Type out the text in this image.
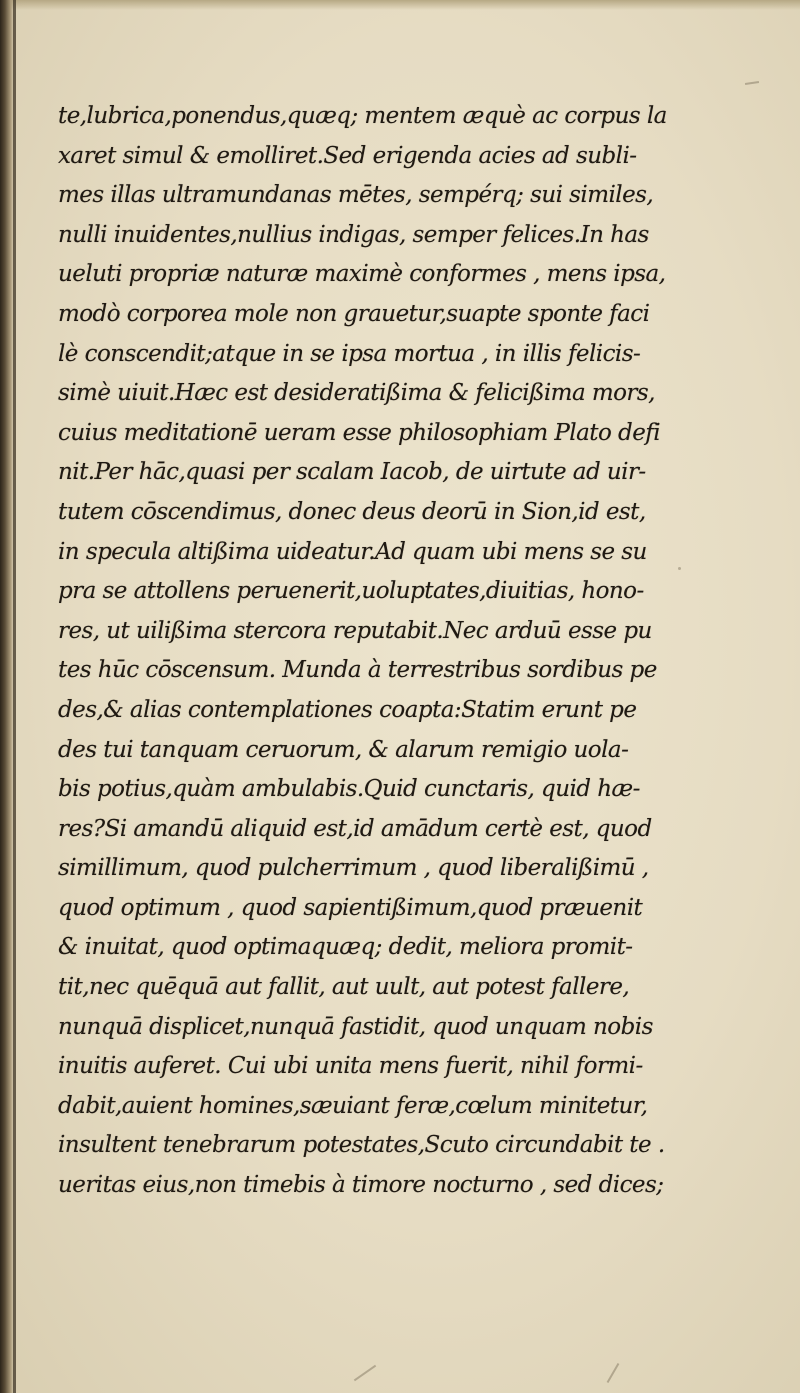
te,lubrica,ponendus,quæq; mentem æquè ac corpus la
xaret simul & emolliret.Sed erigenda acies ad subli-
mes illas ultramundanas mētes, sempérq; sui similes,
nulli inuidentes,nullius indigas, semper felices.In has
ueluti propriæ naturæ maximè conformes , mens ipsa,
modò corporea mole non grauetur,suapte sponte faci
lè conscendit;atque in se ipsa mortua , in illis felicis-
simè uiuit.Hæc est desideratißima & felicißima mors,
cuius meditationē ueram esse philosophiam Plato defi
nit.Per hāc,quasi per scalam Iacob, de uirtute ad uir-
tutem cōscendimus, donec deus deorū in Sion,id est,
in specula altißima uideatur.Ad quam ubi mens se su
pra se attollens peruenerit,uoluptates,diuitias, hono-
res, ut uilißima stercora reputabit.Nec arduū esse pu
tes hūc cōscensum. Munda à terrestribus sordibus pe
des,& alias contemplationes coapta:Statim erunt pe
des tui tanquam ceruorum, & alarum remigio uola-
bis potius,quàm ambulabis.Quid cunctaris, quid hæ-
res?Si amandū aliquid est,id amādum certè est, quod
simillimum, quod pulcherrimum , quod liberalißimū ,
quod optimum , quod sapientißimum,quod præuenit
& inuitat, quod optimaquæq; dedit, meliora promit-
tit,nec quēquā aut fallit, aut uult, aut potest fallere,
nunquā displicet,nunquā fastidit, quod unquam nobis
inuitis auferet. Cui ubi unita mens fuerit, nihil formi-
dabit,auient homines,sæuiant feræ,cœlum minitetur,
insultent tenebrarum potestates,Scuto circundabit te .
ueritas eius,non timebis à timore nocturno , sed dices;
